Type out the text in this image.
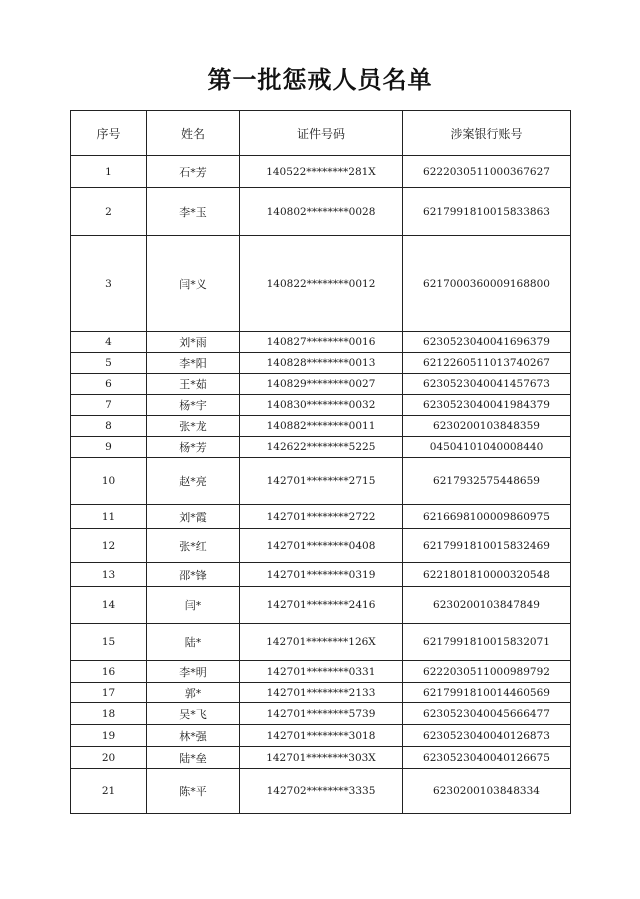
第一批惩戒人员名单
序号	姓名	证件号码	涉案银行账号
1	石*芳	140522********281X	6222030511000367627
2	李*玉	140802********0028	6217991810015833863
3	闫*义	140822********0012	6217000360009168800
4	刘*雨	140827********0016	6230523040041696379
5	李*阳	140828********0013	6212260511013740267
6	王*茹	140829********0027	6230523040041457673
7	杨*宇	140830********0032	6230523040041984379
8	张*龙	140882********0011	6230200103848359
9	杨*芳	142622********5225	04504101040008440
10	赵*亮	142701********2715	6217932575448659
11	刘*霞	142701********2722	6216698100009860975
12	张*红	142701********0408	6217991810015832469
13	邵*锋	142701********0319	6221801810000320548
14	闫*	142701********2416	6230200103847849
15	陆*	142701********126X	6217991810015832071
16	李*明	142701********0331	6222030511000989792
17	郭*	142701********2133	6217991810014460569
18	吴*飞	142701********5739	6230523040045666477
19	林*强	142701********3018	6230523040040126873
20	陆*垒	142701********303X	6230523040040126675
21	陈*平	142702********3335	6230200103848334
